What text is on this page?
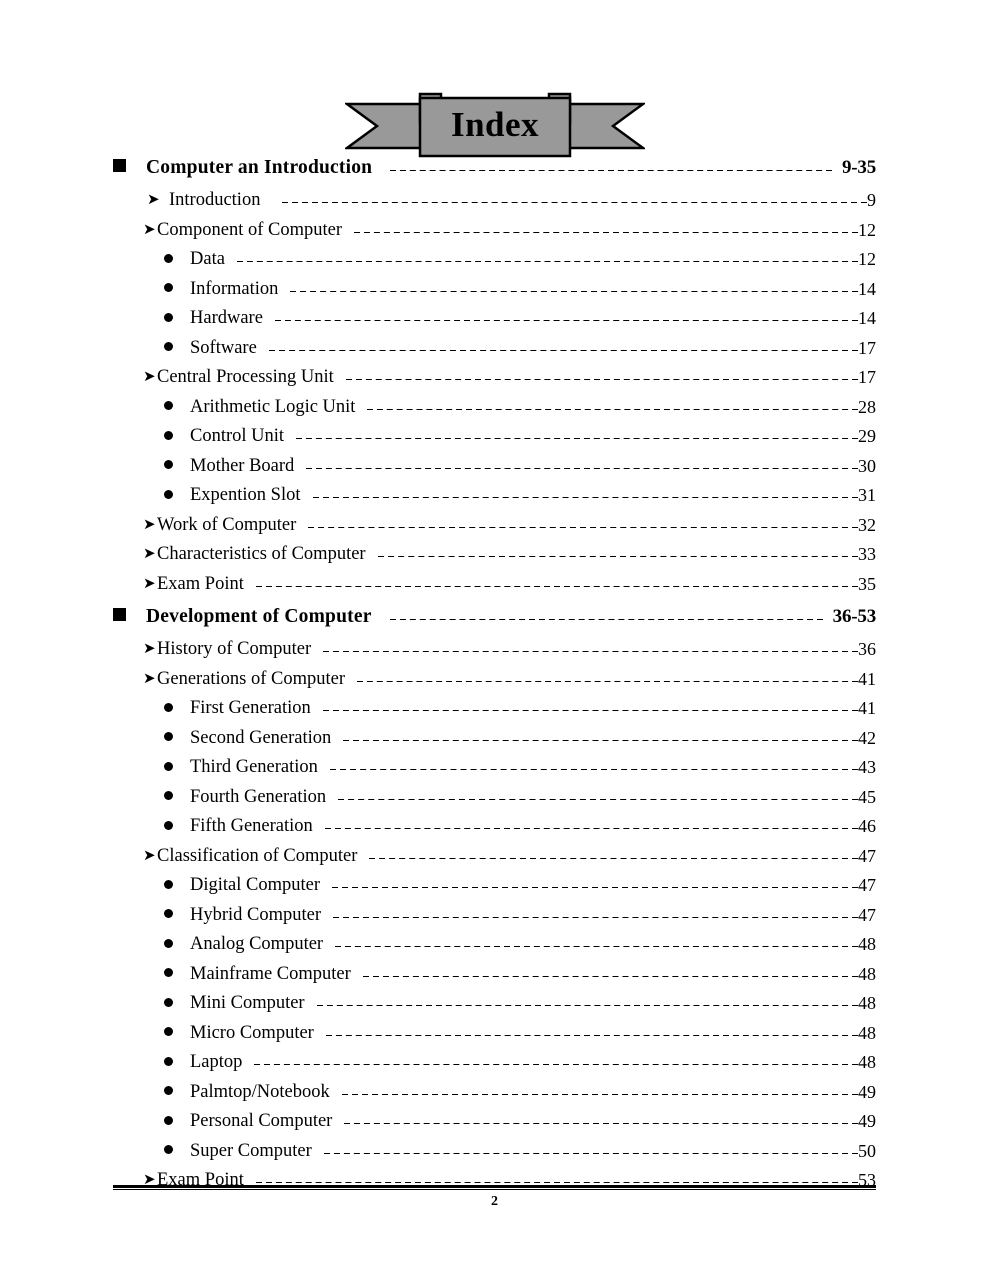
Index
Computer an Introduction	9-35
➤ Introduction	9
➤ Component of Computer	12
Data	12
Information	14
Hardware	14
Software	17
➤ Central Processing Unit	17
Arithmetic Logic Unit	28
Control Unit	29
Mother Board	30
Expention Slot	31
➤ Work of Computer	32
➤ Characteristics of Computer	33
➤ Exam Point	35
Development of Computer	36-53
➤ History of Computer	36
➤ Generations of Computer	41
First Generation	41
Second Generation	42
Third Generation	43
Fourth Generation	45
Fifth Generation	46
➤ Classification of Computer	47
Digital Computer	47
Hybrid Computer	47
Analog Computer	48
Mainframe Computer	48
Mini Computer	48
Micro Computer	48
Laptop	48
Palmtop/Notebook	49
Personal Computer	49
Super Computer	50
➤ Exam Point	53
2
